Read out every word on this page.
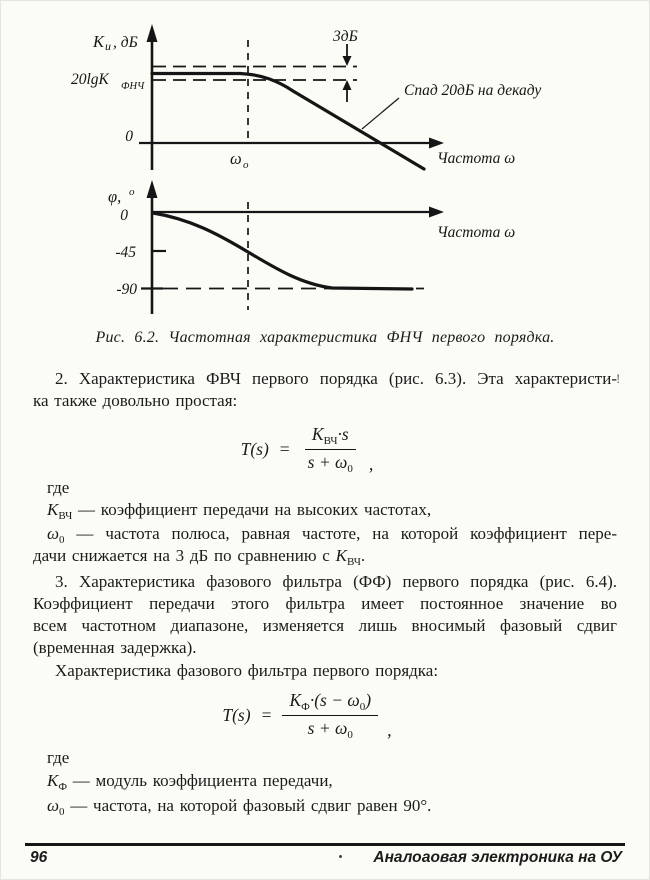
K и , дБ
20lgK ФНЧ
3дБ
Спад 20дБ на декаду
0
ω o	Частота ω
φ, o
0
-45
-90
Частота ω
Рис. 6.2. Частотная характеристика ФНЧ первого порядка.
2. Характеристика ФВЧ первого порядка (рис. 6.3). Эта характеристи- !
ка также довольно простая:
$T(s) = \frac{K_{ВЧ}\cdot s}{s + \omega_0}$ ,
где
$K_{ВЧ}$ — коэффициент передачи на высоких частотах,
$\omega_0$ — частота полюса, равная частоте, на которой коэффициент пере-
дачи снижается на 3 дБ по сравнению с $K_{ВЧ}$.
3. Характеристика фазового фильтра (ФФ) первого порядка (рис. 6.4).
Коэффициент передачи этого фильтра имеет постоянное значение во
всем частотном диапазоне, изменяется лишь вносимый фазовый сдвиг
(временная задержка).
Характеристика фазового фильтра первого порядка:
$T(s) = \frac{K_Ф\cdot(s - \omega_0)}{s + \omega_0}$ ,
где
$K_Ф$ — модуль коэффициента передачи,
$\omega_0$ — частота, на которой фазовый сдвиг равен 90°.
96	Аналоаовая электроника на ОУ
